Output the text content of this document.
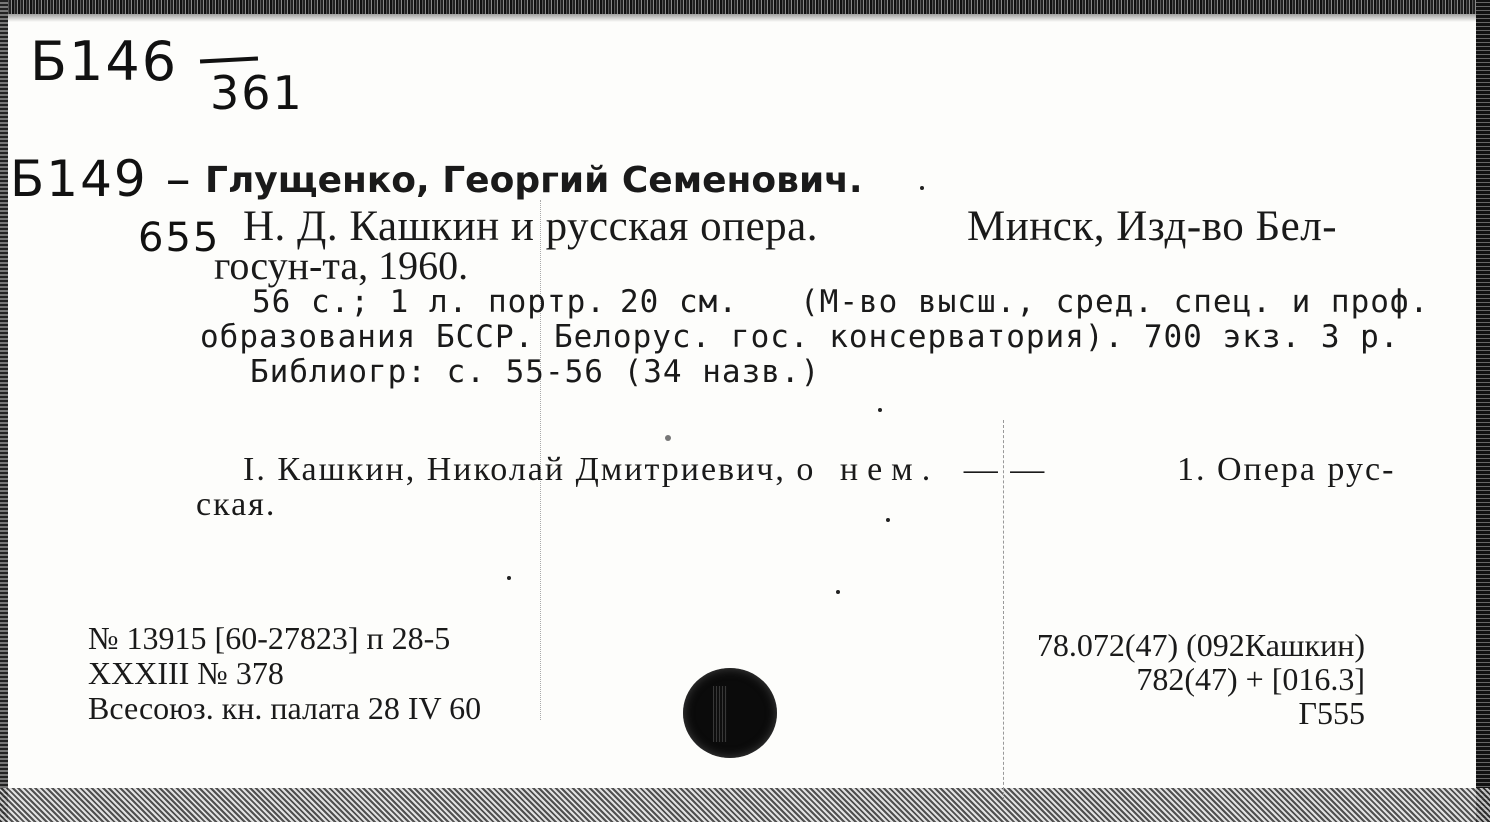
Б146 361
Б149 –
655
Глущенко, Георгий Семенович.
Н. Д. Кашкин и русская опера.	Минск, Изд-во Бел-
госун-та, 1960.
56 с.; 1 л. портр. 20 см. (М-во высш., сред. спец. и проф.
образования БССР. Белорус. гос. консерватория). 700 экз. 3 р.
Библиогр: с. 55-56 (34 назв.)
I. Кашкин, Николай Дмитриевич, о нем. — —	1. Опера рус-
ская.
№ 13915 [60-27823] п 28-5
XXXIII № 378
Всесоюз. кн. палата 28 IV 60
78.072(47) (092Кашкин)
782(47) + [016.3]
Г555
